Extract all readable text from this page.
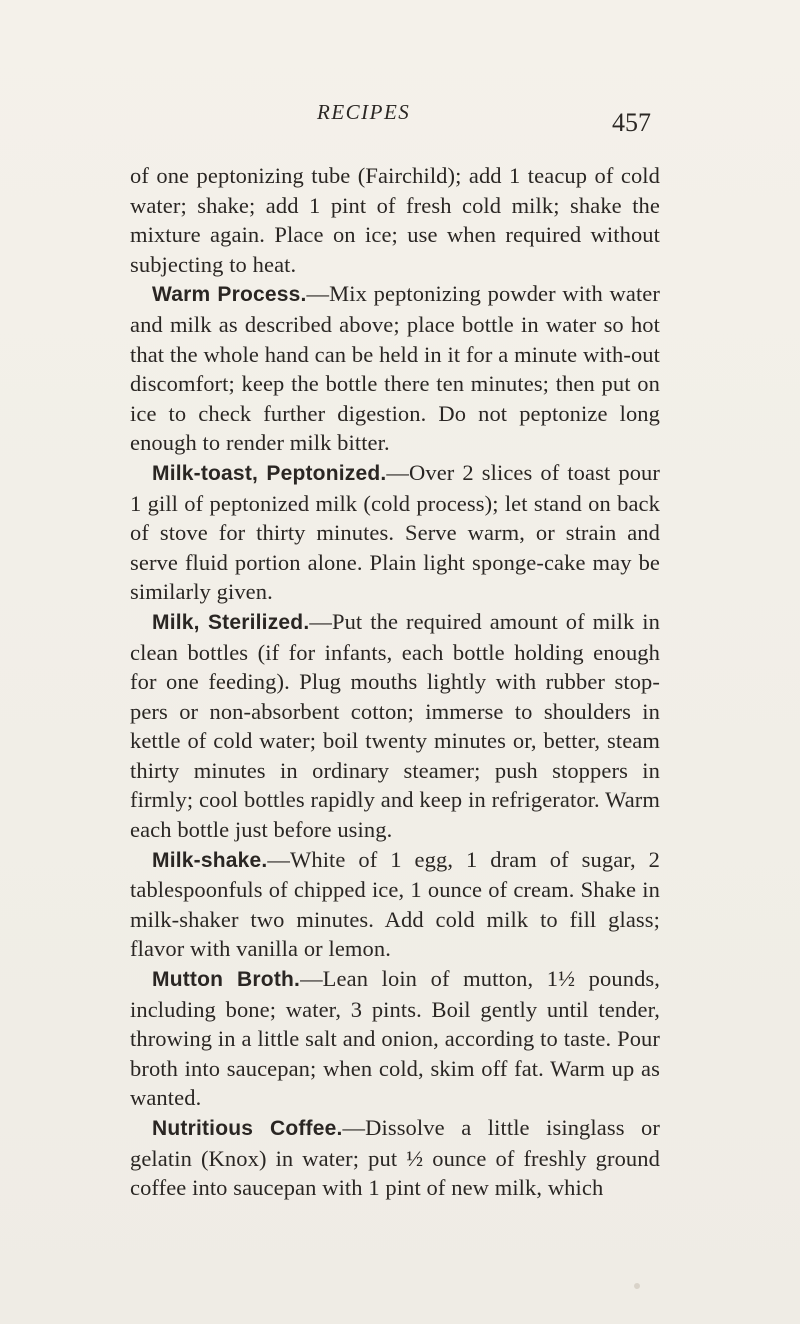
RECIPES	457

of one peptonizing tube (Fairchild); add 1 teacup of cold water; shake; add 1 pint of fresh cold milk; shake the mixture again. Place on ice; use when required without subjecting to heat.

Warm Process.—Mix peptonizing powder with water and milk as described above; place bottle in water so hot that the whole hand can be held in it for a minute with-out discomfort; keep the bottle there ten minutes; then put on ice to check further digestion. Do not peptonize long enough to render milk bitter.

Milk-toast, Peptonized.—Over 2 slices of toast pour 1 gill of peptonized milk (cold process); let stand on back of stove for thirty minutes. Serve warm, or strain and serve fluid portion alone. Plain light sponge-cake may be similarly given.

Milk, Sterilized.—Put the required amount of milk in clean bottles (if for infants, each bottle holding enough for one feeding). Plug mouths lightly with rubber stop-pers or non-absorbent cotton; immerse to shoulders in kettle of cold water; boil twenty minutes or, better, steam thirty minutes in ordinary steamer; push stoppers in firmly; cool bottles rapidly and keep in refrigerator. Warm each bottle just before using.

Milk-shake.—White of 1 egg, 1 dram of sugar, 2 tablespoonfuls of chipped ice, 1 ounce of cream. Shake in milk-shaker two minutes. Add cold milk to fill glass; flavor with vanilla or lemon.

Mutton Broth.—Lean loin of mutton, 1½ pounds, including bone; water, 3 pints. Boil gently until tender, throwing in a little salt and onion, according to taste. Pour broth into saucepan; when cold, skim off fat. Warm up as wanted.

Nutritious Coffee.—Dissolve a little isinglass or gelatin (Knox) in water; put ½ ounce of freshly ground coffee into saucepan with 1 pint of new milk, which
